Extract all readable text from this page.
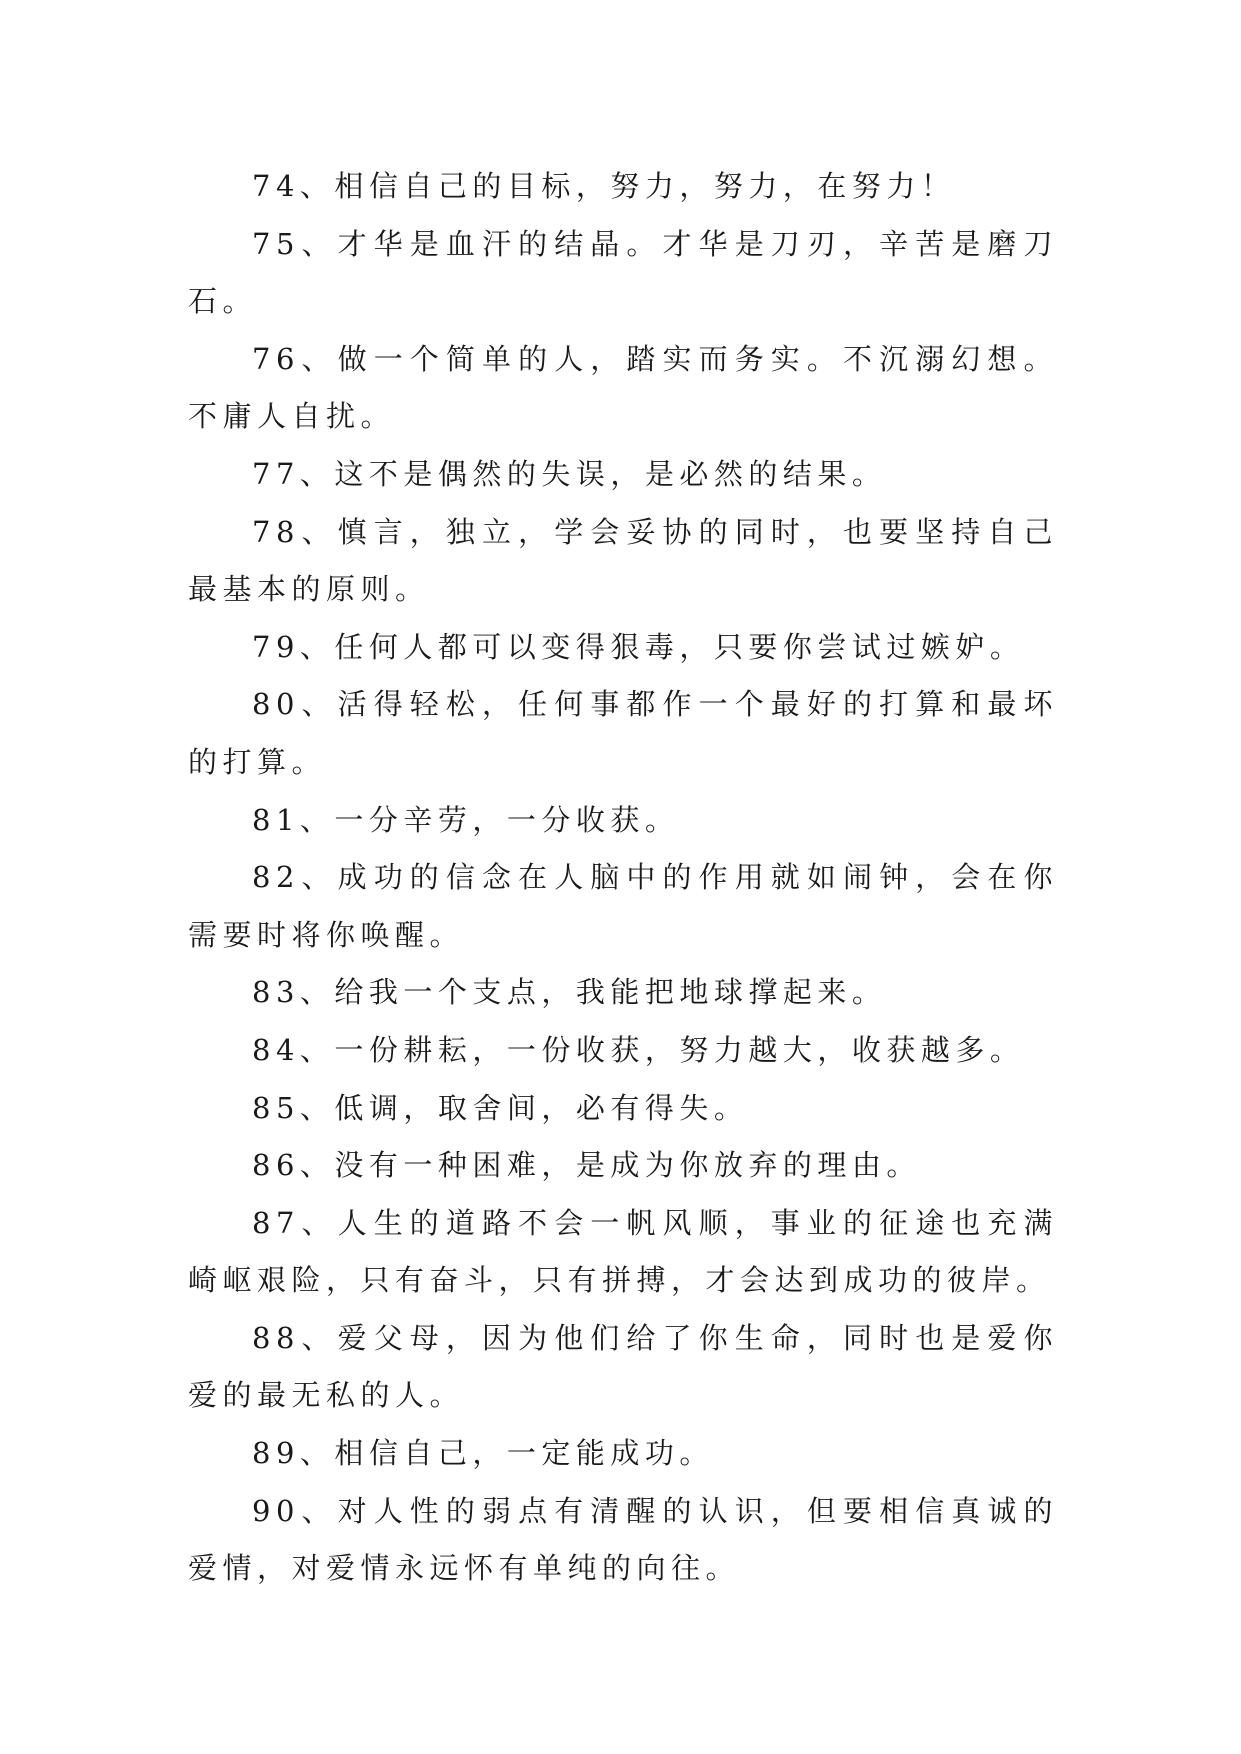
74、相信自己的目标，努力，努力，在努力！

75、才华是血汗的结晶。才华是刀刃，辛苦是磨刀石。

76、做一个简单的人，踏实而务实。不沉溺幻想。不庸人自扰。

77、这不是偶然的失误，是必然的结果。

78、慎言，独立，学会妥协的同时，也要坚持自己最基本的原则。

79、任何人都可以变得狠毒，只要你尝试过嫉妒。

80、活得轻松，任何事都作一个最好的打算和最坏的打算。

81、一分辛劳，一分收获。

82、成功的信念在人脑中的作用就如闹钟，会在你需要时将你唤醒。

83、给我一个支点，我能把地球撑起来。

84、一份耕耘，一份收获，努力越大，收获越多。

85、低调，取舍间，必有得失。

86、没有一种困难，是成为你放弃的理由。

87、人生的道路不会一帆风顺，事业的征途也充满崎岖艰险，只有奋斗，只有拼搏，才会达到成功的彼岸。

88、爱父母，因为他们给了你生命，同时也是爱你爱的最无私的人。

89、相信自己，一定能成功。

90、对人性的弱点有清醒的认识，但要相信真诚的爱情，对爱情永远怀有单纯的向往。
